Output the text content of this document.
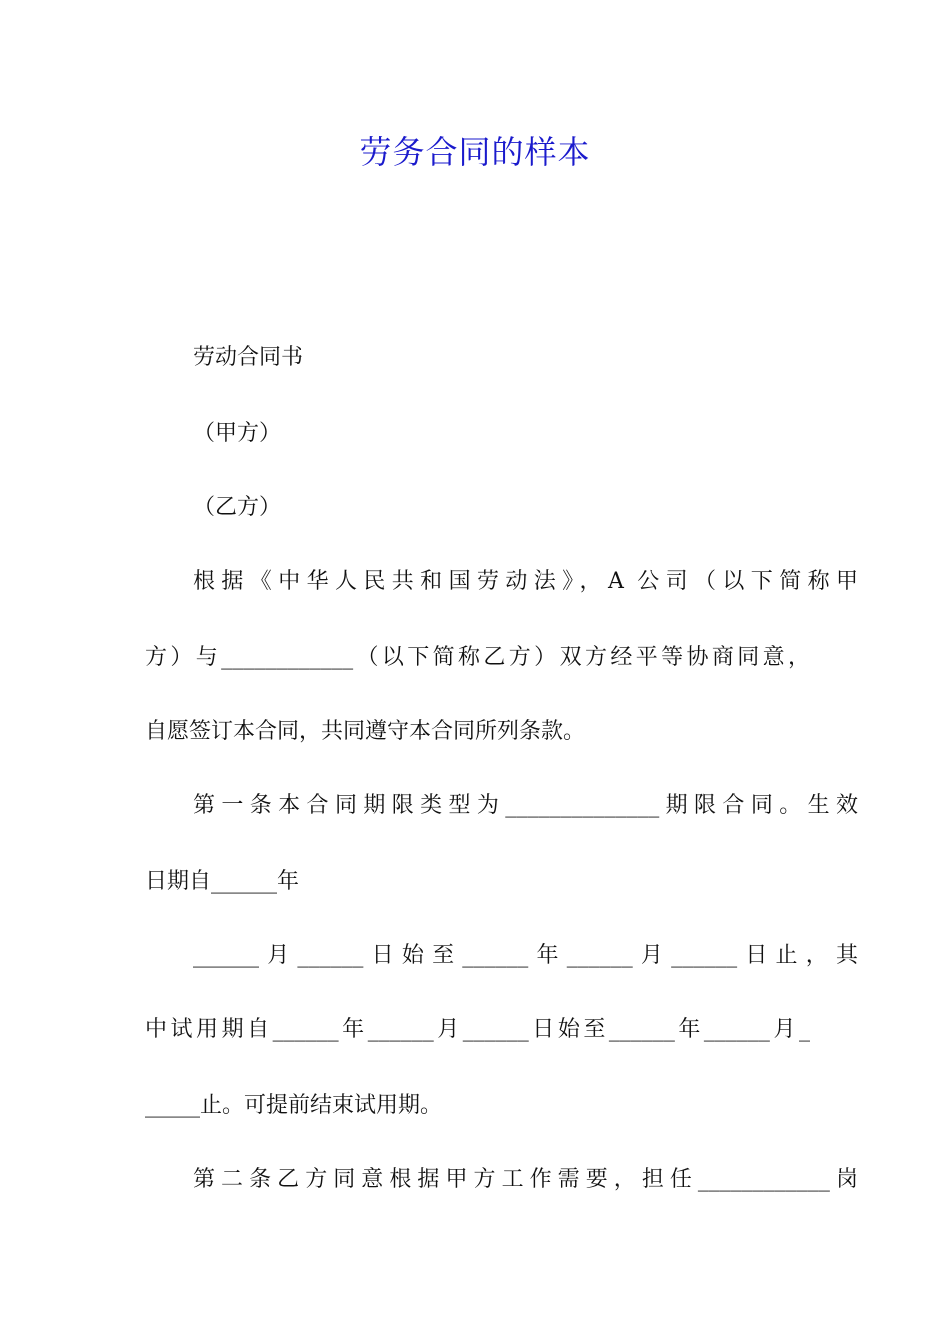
劳务合同的样本
劳动合同书
（甲方）
（乙方）
根据《中华人民共和国劳动法》，A 公司（以下简称甲
方）与____________（以下简称乙方）双方经平等协商同意，
自愿签订本合同，共同遵守本合同所列条款。
第一条本合同期限类型为______________期限合同。生效
日期自______年
______月______日始至______年______月______日止，其
中试用期自______年______月______日始至______年______月_
_____止。可提前结束试用期。
第二条乙方同意根据甲方工作需要，担任____________岗
